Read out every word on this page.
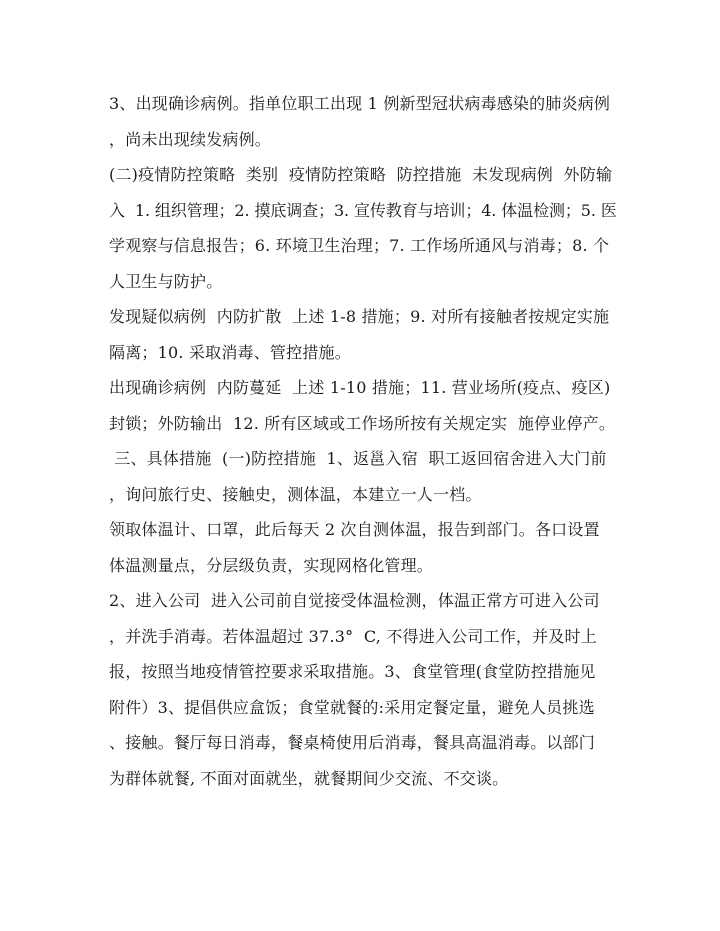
3、出现确诊病例。指单位职工出现 1 例新型冠状病毒感染的肺炎病例
，尚未出现续发病例。
(二)疫情防控策略  类别  疫情防控策略  防控措施  未发现病例  外防输
入  1. 组织管理；2. 摸底调查；3. 宣传教育与培训；4. 体温检测；5. 医
学观察与信息报告；6. 环境卫生治理；7. 工作场所通风与消毒；8. 个
人卫生与防护。
发现疑似病例  内防扩散  上述 1-8 措施；9. 对所有接触者按规定实施
隔离；10. 采取消毒、管控措施。
出现确诊病例  内防蔓延  上述 1-10 措施；11. 营业场所(疫点、疫区)
封锁；外防输出  12. 所有区域或工作场所按有关规定实  施停业停产。
三、具体措施  (一)防控措施  1、返邕入宿  职工返回宿舍进入大门前
，询问旅行史、接触史，测体温，本建立一人一档。
领取体温计、口罩，此后每天 2 次自测体温，报告到部门。各口设置
体温测量点，分层级负责，实现网格化管理。
2、进入公司  进入公司前自觉接受体温检测，体温正常方可进入公司
，并洗手消毒。若体温超过 37.3°  C, 不得进入公司工作，并及时上
报，按照当地疫情管控要求采取措施。3、食堂管理(食堂防控措施见
附件）3、提倡供应盒饭；食堂就餐的:采用定餐定量，避免人员挑选
、接触。餐厅每日消毒，餐桌椅使用后消毒，餐具高温消毒。以部门
为群体就餐, 不面对面就坐，就餐期间少交流、不交谈。
